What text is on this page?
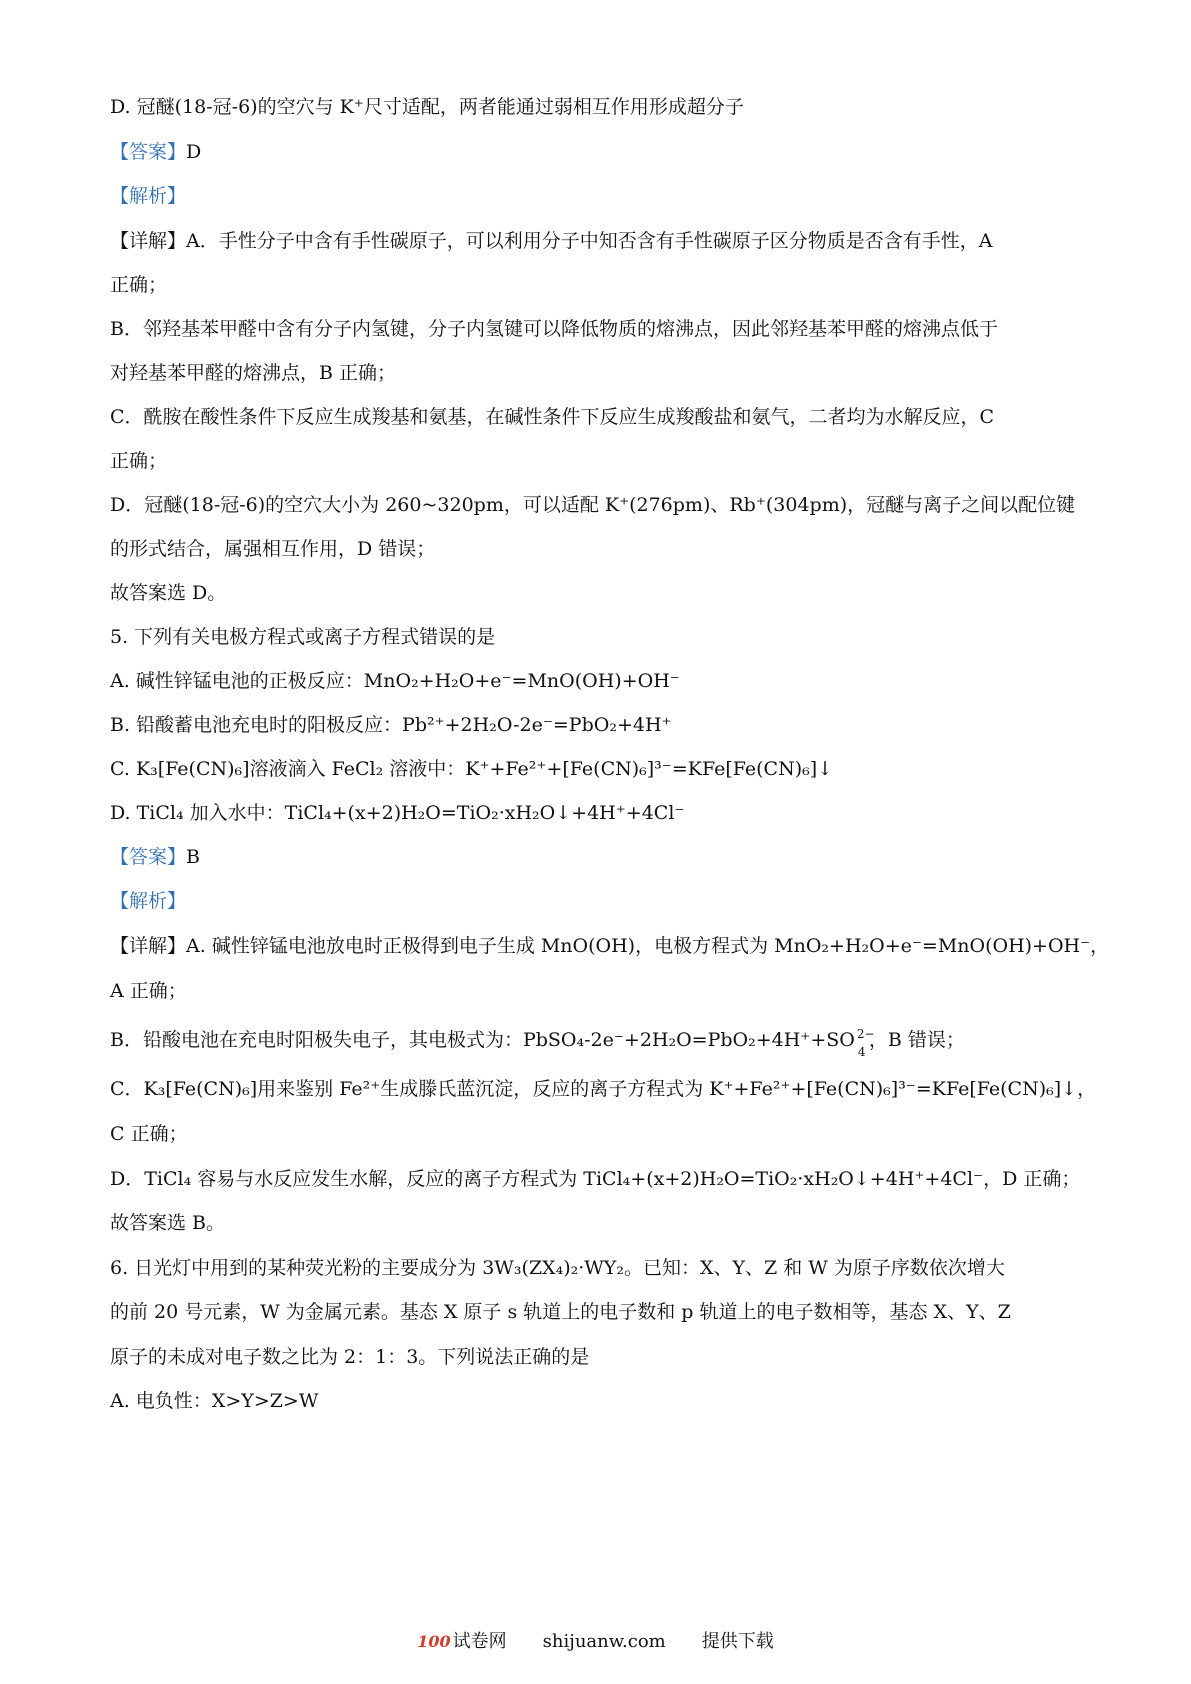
D. 冠醚(18-冠-6)的空穴与 K⁺尺寸适配，两者能通过弱相互作用形成超分子
【答案】D
【解析】
【详解】A．手性分子中含有手性碳原子，可以利用分子中知否含有手性碳原子区分物质是否含有手性，A
正确；
B．邻羟基苯甲醛中含有分子内氢键，分子内氢键可以降低物质的熔沸点，因此邻羟基苯甲醛的熔沸点低于
对羟基苯甲醛的熔沸点，B 正确；
C．酰胺在酸性条件下反应生成羧基和氨基，在碱性条件下反应生成羧酸盐和氨气，二者均为水解反应，C
正确；
D．冠醚(18-冠-6)的空穴大小为 260~320pm，可以适配 K⁺(276pm)、Rb⁺(304pm)，冠醚与离子之间以配位键
的形式结合，属强相互作用，D 错误；
故答案选 D。
5. 下列有关电极方程式或离子方程式错误的是
A. 碱性锌锰电池的正极反应：MnO₂+H₂O+e⁻=MnO(OH)+OH⁻
B. 铅酸蓄电池充电时的阳极反应：Pb²⁺+2H₂O-2e⁻=PbO₂+4H⁺
C. K₃[Fe(CN)₆]溶液滴入 FeCl₂ 溶液中：K⁺+Fe²⁺+[Fe(CN)₆]³⁻=KFe[Fe(CN)₆]↓
D. TiCl₄ 加入水中：TiCl₄+(x+2)H₂O=TiO₂·xH₂O↓+4H⁺+4Cl⁻
【答案】B
【解析】
【详解】A. 碱性锌锰电池放电时正极得到电子生成 MnO(OH)，电极方程式为 MnO₂+H₂O+e⁻=MnO(OH)+OH⁻，
A 正确；
B．铅酸电池在充电时阳极失电子，其电极式为：PbSO₄-2e⁻+2H₂O=PbO₂+4H⁺+SO 2−
4
，B 错误；
C．K₃[Fe(CN)₆]用来鉴别 Fe²⁺生成滕氏蓝沉淀，反应的离子方程式为 K⁺+Fe²⁺+[Fe(CN)₆]³⁻=KFe[Fe(CN)₆]↓，
C 正确；
D．TiCl₄ 容易与水反应发生水解，反应的离子方程式为 TiCl₄+(x+2)H₂O=TiO₂·xH₂O↓+4H⁺+4Cl⁻，D 正确；
故答案选 B。
6. 日光灯中用到的某种荧光粉的主要成分为 3W₃(ZX₄)₂·WY₂。已知：X、Y、Z 和 W 为原子序数依次增大
的前 20 号元素，W 为金属元素。基态 X 原子 s 轨道上的电子数和 p 轨道上的电子数相等，基态 X、Y、Z
原子的未成对电子数之比为 2：1：3。下列说法正确的是
A. 电负性：X>Y>Z>W
100 试卷网 shijuanw.com 提供下载
